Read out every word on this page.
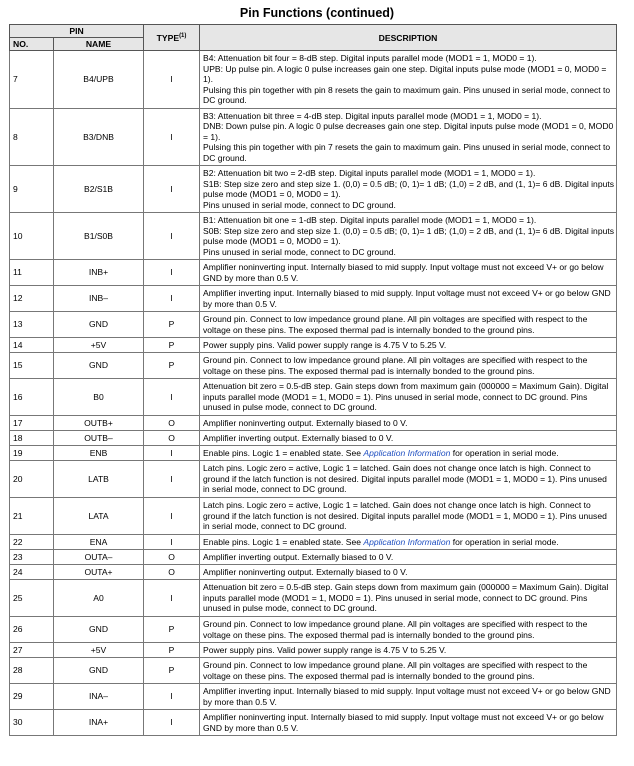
Pin Functions (continued)
PIN		TYPE$^{(1)}$	DESCRIPTION
NO.	NAME		
7	B4/UPB	I	B4: Attenuation bit four = 8-dB step. Digital inputs parallel mode (MOD1 = 1, MOD0 = 1).
UPB: Up pulse pin. A logic 0 pulse increases gain one step. Digital inputs pulse mode (MOD1 = 0, MOD0 = 1).
Pulsing this pin together with pin 8 resets the gain to maximum gain. Pins unused in serial mode, connect to DC ground.
8	B3/DNB	I	B3: Attenuation bit three = 4-dB step. Digital inputs parallel mode (MOD1 = 1, MOD0 = 1).
DNB: Down pulse pin. A logic 0 pulse decreases gain one step. Digital inputs pulse mode (MOD1 = 0, MOD0 = 1).
Pulsing this pin together with pin 7 resets the gain to maximum gain. Pins unused in serial mode, connect to DC ground.
9	B2/S1B	I	B2: Attenuation bit two = 2-dB step. Digital inputs parallel mode (MOD1 = 1, MOD0 = 1).
S1B: Step size zero and step size 1. (0,0) = 0.5 dB; (0, 1)= 1 dB; (1,0) = 2 dB, and (1, 1)= 6 dB. Digital inputs pulse mode (MOD1 = 0, MOD0 = 1).
Pins unused in serial mode, connect to DC ground.
10	B1/S0B	I	B1: Attenuation bit one = 1-dB step. Digital inputs parallel mode (MOD1 = 1, MOD0 = 1).
S0B: Step size zero and step size 1. (0,0) = 0.5 dB; (0, 1)= 1 dB; (1,0) = 2 dB, and (1, 1)= 6 dB. Digital inputs pulse mode (MOD1 = 0, MOD0 = 1).
Pins unused in serial mode, connect to DC ground.
11	INB+	I	Amplifier noninverting input. Internally biased to mid supply. Input voltage must not exceed V+ or go below GND by more than 0.5 V.
12	INB–	I	Amplifier inverting input. Internally biased to mid supply. Input voltage must not exceed V+ or go below GND by more than 0.5 V.
13	GND	P	Ground pin. Connect to low impedance ground plane. All pin voltages are specified with respect to the voltage on these pins. The exposed thermal pad is internally bonded to the ground pins.
14	+5V	P	Power supply pins. Valid power supply range is 4.75 V to 5.25 V.
15	GND	P	Ground pin. Connect to low impedance ground plane. All pin voltages are specified with respect to the voltage on these pins. The exposed thermal pad is internally bonded to the ground pins.
16	B0	I	Attenuation bit zero = 0.5-dB step. Gain steps down from maximum gain (000000 = Maximum Gain). Digital inputs parallel mode (MOD1 = 1, MOD0 = 1). Pins unused in serial mode, connect to DC ground. Pins unused in pulse mode, connect to DC ground.
17	OUTB+	O	Amplifier noninverting output. Externally biased to 0 V.
18	OUTB–	O	Amplifier inverting output. Externally biased to 0 V.
19	ENB	I	Enable pins. Logic 1 = enabled state. See Application Information for operation in serial mode.
20	LATB	I	Latch pins. Logic zero = active, Logic 1 = latched. Gain does not change once latch is high. Connect to ground if the latch function is not desired. Digital inputs parallel mode (MOD1 = 1, MOD0 = 1). Pins unused in serial mode, connect to DC ground.
21	LATA	I	Latch pins. Logic zero = active, Logic 1 = latched. Gain does not change once latch is high. Connect to ground if the latch function is not desired. Digital inputs parallel mode (MOD1 = 1, MOD0 = 1). Pins unused in serial mode, connect to DC ground.
22	ENA	I	Enable pins. Logic 1 = enabled state. See Application Information for operation in serial mode.
23	OUTA–	O	Amplifier inverting output. Externally biased to 0 V.
24	OUTA+	O	Amplifier noninverting output. Externally biased to 0 V.
25	A0	I	Attenuation bit zero = 0.5-dB step. Gain steps down from maximum gain (000000 = Maximum Gain). Digital inputs parallel mode (MOD1 = 1, MOD0 = 1). Pins unused in serial mode, connect to DC ground. Pins unused in pulse mode, connect to DC ground.
26	GND	P	Ground pin. Connect to low impedance ground plane. All pin voltages are specified with respect to the voltage on these pins. The exposed thermal pad is internally bonded to the ground pins.
27	+5V	P	Power supply pins. Valid power supply range is 4.75 V to 5.25 V.
28	GND	P	Ground pin. Connect to low impedance ground plane. All pin voltages are specified with respect to the voltage on these pins. The exposed thermal pad is internally bonded to the ground pins.
29	INA–	I	Amplifier inverting input. Internally biased to mid supply. Input voltage must not exceed V+ or go below GND by more than 0.5 V.
30	INA+	I	Amplifier noninverting input. Internally biased to mid supply. Input voltage must not exceed V+ or go below GND by more than 0.5 V.
